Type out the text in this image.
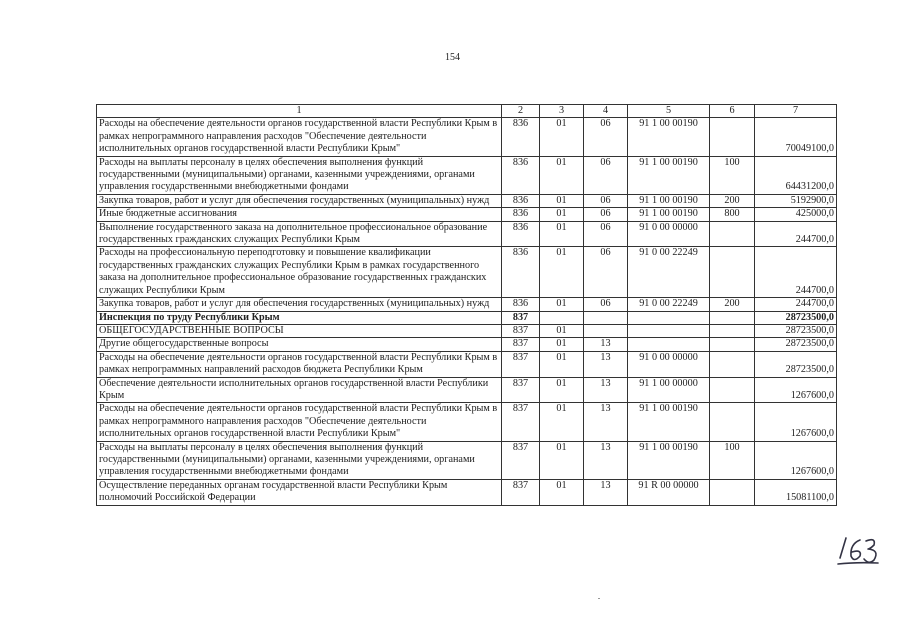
154
1	2	3	4	5	6	7
Расходы на обеспечение деятельности органов государственной власти Республики Крым в рамках непрограммного направления расходов "Обеспечение деятельности исполнительных органов государственной власти Республики Крым"	836	01	06	91 1 00 00190		70049100,0
Расходы на выплаты персоналу в целях обеспечения выполнения функций государственными (муниципальными) органами, казенными учреждениями, органами управления государственными внебюджетными фондами	836	01	06	91 1 00 00190	100	64431200,0
Закупка товаров, работ и услуг для обеспечения государственных (муниципальных) нужд	836	01	06	91 1 00 00190	200	5192900,0
Иные бюджетные ассигнования	836	01	06	91 1 00 00190	800	425000,0
Выполнение государственного заказа на дополнительное профессиональное образование государственных гражданских служащих Республики Крым	836	01	06	91 0 00 00000		244700,0
Расходы на профессиональную переподготовку и повышение квалификации государственных гражданских служащих Республики Крым в рамках государственного заказа на дополнительное профессиональное образование государственных гражданских служащих Республики Крым	836	01	06	91 0 00 22249		244700,0
Закупка товаров, работ и услуг для обеспечения государственных (муниципальных) нужд	836	01	06	91 0 00 22249	200	244700,0
Инспекция по труду Республики Крым	837					28723500,0
ОБЩЕГОСУДАРСТВЕННЫЕ ВОПРОСЫ	837	01				28723500,0
Другие общегосударственные вопросы	837	01	13			28723500,0
Расходы на обеспечение деятельности органов государственной власти Республики Крым в рамках непрограммных направлений расходов бюджета Республики Крым	837	01	13	91 0 00 00000		28723500,0
Обеспечение деятельности исполнительных органов государственной власти Республики Крым	837	01	13	91 1 00 00000		1267600,0
Расходы на обеспечение деятельности органов государственной власти Республики Крым в рамках непрограммного направления расходов "Обеспечение деятельности исполнительных органов государственной власти Республики Крым"	837	01	13	91 1 00 00190		1267600,0
Расходы на выплаты персоналу в целях обеспечения выполнения функций государственными (муниципальными) органами, казенными учреждениями, органами управления государственными внебюджетными фондами	837	01	13	91 1 00 00190	100	1267600,0
Осуществление переданных органам государственной власти Республики Крым полномочий Российской Федерации	837	01	13	91 R 00 00000		15081100,0
